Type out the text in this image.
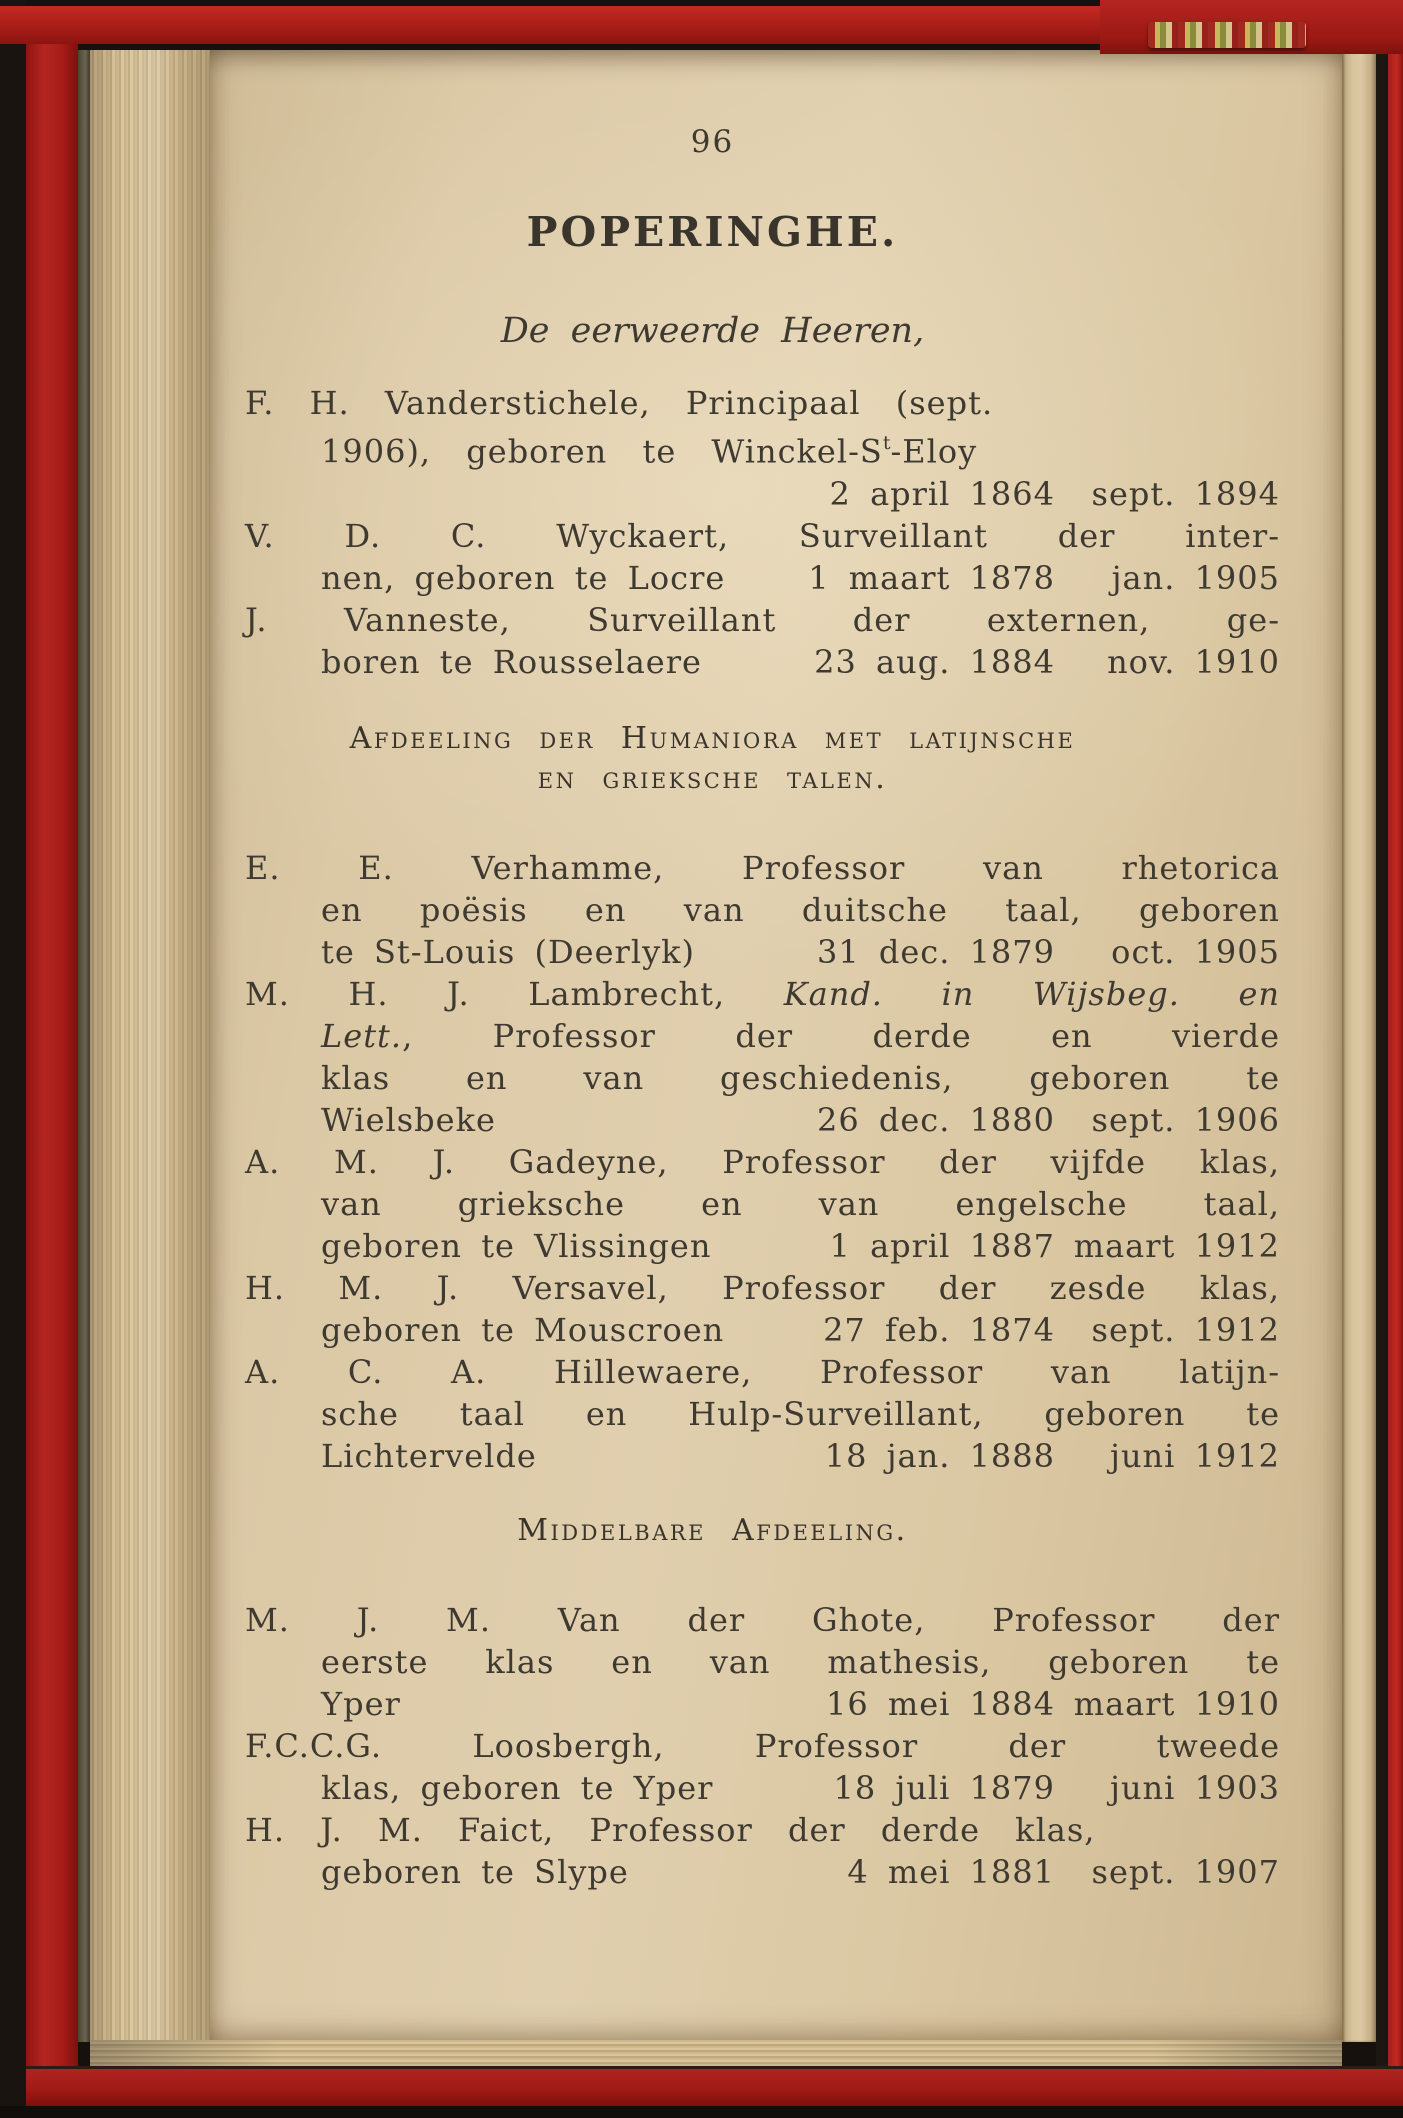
96
POPERINGHE.
De eerweerde Heeren,
F. H. Vanderstichele, Principaal (sept.
1906), geboren te Winckel-$S^t$-Eloy
2 april 1864	sept. 1894
V. D. C. Wyckaert, Surveillant der inter-
nen, geboren te Locre	1 maart 1878	jan. 1905
J. Vanneste, Surveillant der externen, ge-
boren te Rousselaere	23 aug. 1884	nov. 1910
Afdeeling der Humaniora met latijnsche
en grieksche talen.
E. E. Verhamme, Professor van rhetorica
en poësis en van duitsche taal, geboren
te St-Louis (Deerlyk)	31 dec. 1879	oct. 1905
M. H. J. Lambrecht, Kand. in Wijsbeg. en
Lett., Professor der derde en vierde
klas en van geschiedenis, geboren te
Wielsbeke	26 dec. 1880	sept. 1906
A. M. J. Gadeyne, Professor der vijfde klas,
van grieksche en van engelsche taal,
geboren te Vlissingen	1 april 1887 maart 1912
H. M. J. Versavel, Professor der zesde klas,
geboren te Mouscroen	27 feb. 1874	sept. 1912
A. C. A. Hillewaere, Professor van latijn-
sche taal en Hulp-Surveillant, geboren te
Lichtervelde	18 jan. 1888	juni 1912
Middelbare Afdeeling.
M. J. M. Van der Ghote, Professor der
eerste klas en van mathesis, geboren te
Yper	16 mei 1884 maart 1910
F.C.C.G. Loosbergh, Professor der tweede
klas, geboren te Yper	18 juli 1879	juni 1903
H. J. M. Faict, Professor der derde klas,
geboren te Slype	4 mei 1881	sept. 1907
